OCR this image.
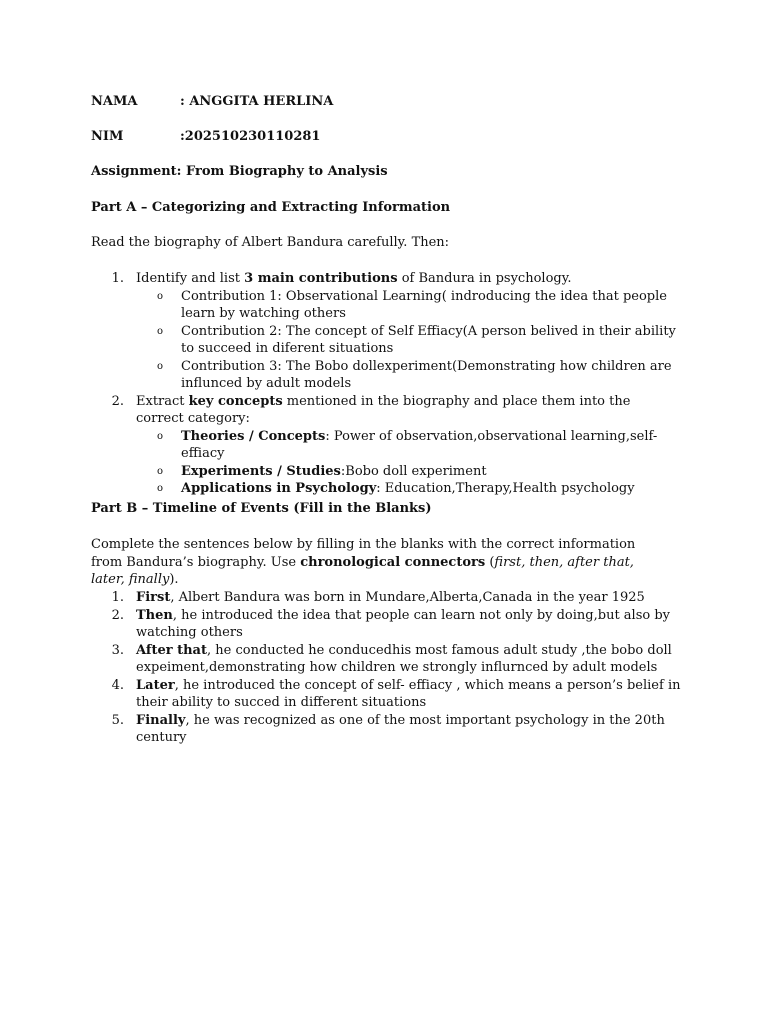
NAMA	: ANGGITA HERLINA
NIM	:202510230110281
Assignment: From Biography to Analysis
Part A – Categorizing and Extracting Information
Read the biography of Albert Bandura carefully. Then:
1. Identify and list 3 main contributions of Bandura in psychology.
o Contribution 1: Observational Learning( indroducing the idea that people learn by watching others
o Contribution 2: The concept of Self Effiacy(A person belived in their ability to succeed in diferent situations
o Contribution 3: The Bobo dollexperiment(Demonstrating how children are influnced by adult models
2. Extract key concepts mentioned in the biography and place them into the correct category:
o Theories / Concepts: Power of observation,observational learning,self- effiacy
o Experiments / Studies:Bobo doll experiment
o Applications in Psychology: Education,Therapy,Health psychology
Part B – Timeline of Events (Fill in the Blanks)
Complete the sentences below by filling in the blanks with the correct information from Bandura’s biography. Use chronological connectors (first, then, after that, later, finally).
1. First, Albert Bandura was born in Mundare,Alberta,Canada in the year 1925
2. Then, he introduced the idea that people can learn not only by doing,but also by watching others
3. After that, he conducted he conducedhis most famous adult study ,the bobo doll expeiment,demonstrating how children we strongly influrnced by adult models
4. Later, he introduced the concept of self- effiacy , which means a person’s belief in their ability to succed in different situations
5. Finally, he was recognized as one of the most important psychology in the 20th century
